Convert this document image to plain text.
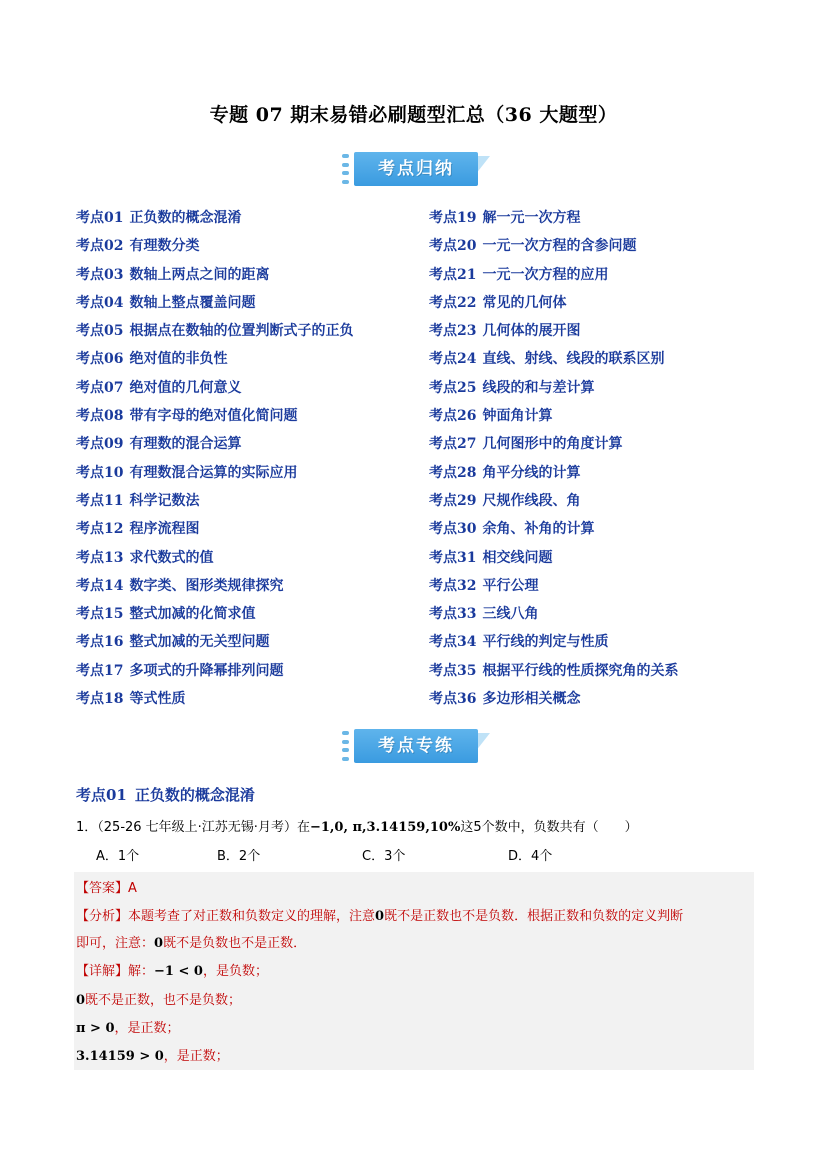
专题 07 期末易错必刷题型汇总（36 大题型）
考点归纳
考点01 正负数的概念混淆
考点02 有理数分类
考点03 数轴上两点之间的距离
考点04 数轴上整点覆盖问题
考点05 根据点在数轴的位置判断式子的正负
考点06 绝对值的非负性
考点07 绝对值的几何意义
考点08 带有字母的绝对值化简问题
考点09 有理数的混合运算
考点10 有理数混合运算的实际应用
考点11 科学记数法
考点12 程序流程图
考点13 求代数式的值
考点14 数字类、图形类规律探究
考点15 整式加减的化简求值
考点16 整式加减的无关型问题
考点17 多项式的升降幂排列问题
考点18 等式性质
考点19 解一元一次方程
考点20 一元一次方程的含参问题
考点21 一元一次方程的应用
考点22 常见的几何体
考点23 几何体的展开图
考点24 直线、射线、线段的联系区别
考点25 线段的和与差计算
考点26 钟面角计算
考点27 几何图形中的角度计算
考点28 角平分线的计算
考点29 尺规作线段、角
考点30 余角、补角的计算
考点31 相交线问题
考点32 平行公理
考点33 三线八角
考点34 平行线的判定与性质
考点35 根据平行线的性质探究角的关系
考点36 多边形相关概念
考点专练
考点01 正负数的概念混淆
1．（25-26 七年级上·江苏无锡·月考）在−1,0, π,3.14159,10%这5个数中，负数共有（　　）
A．1个	B．2个	C．3个	D．4个
【答案】A
【分析】本题考查了对正数和负数定义的理解，注意0既不是正数也不是负数．根据正数和负数的定义判断
即可，注意：0既不是负数也不是正数．
【详解】解：−1 < 0，是负数；
0既不是正数，也不是负数；
π > 0，是正数；
3.14159 > 0，是正数；
